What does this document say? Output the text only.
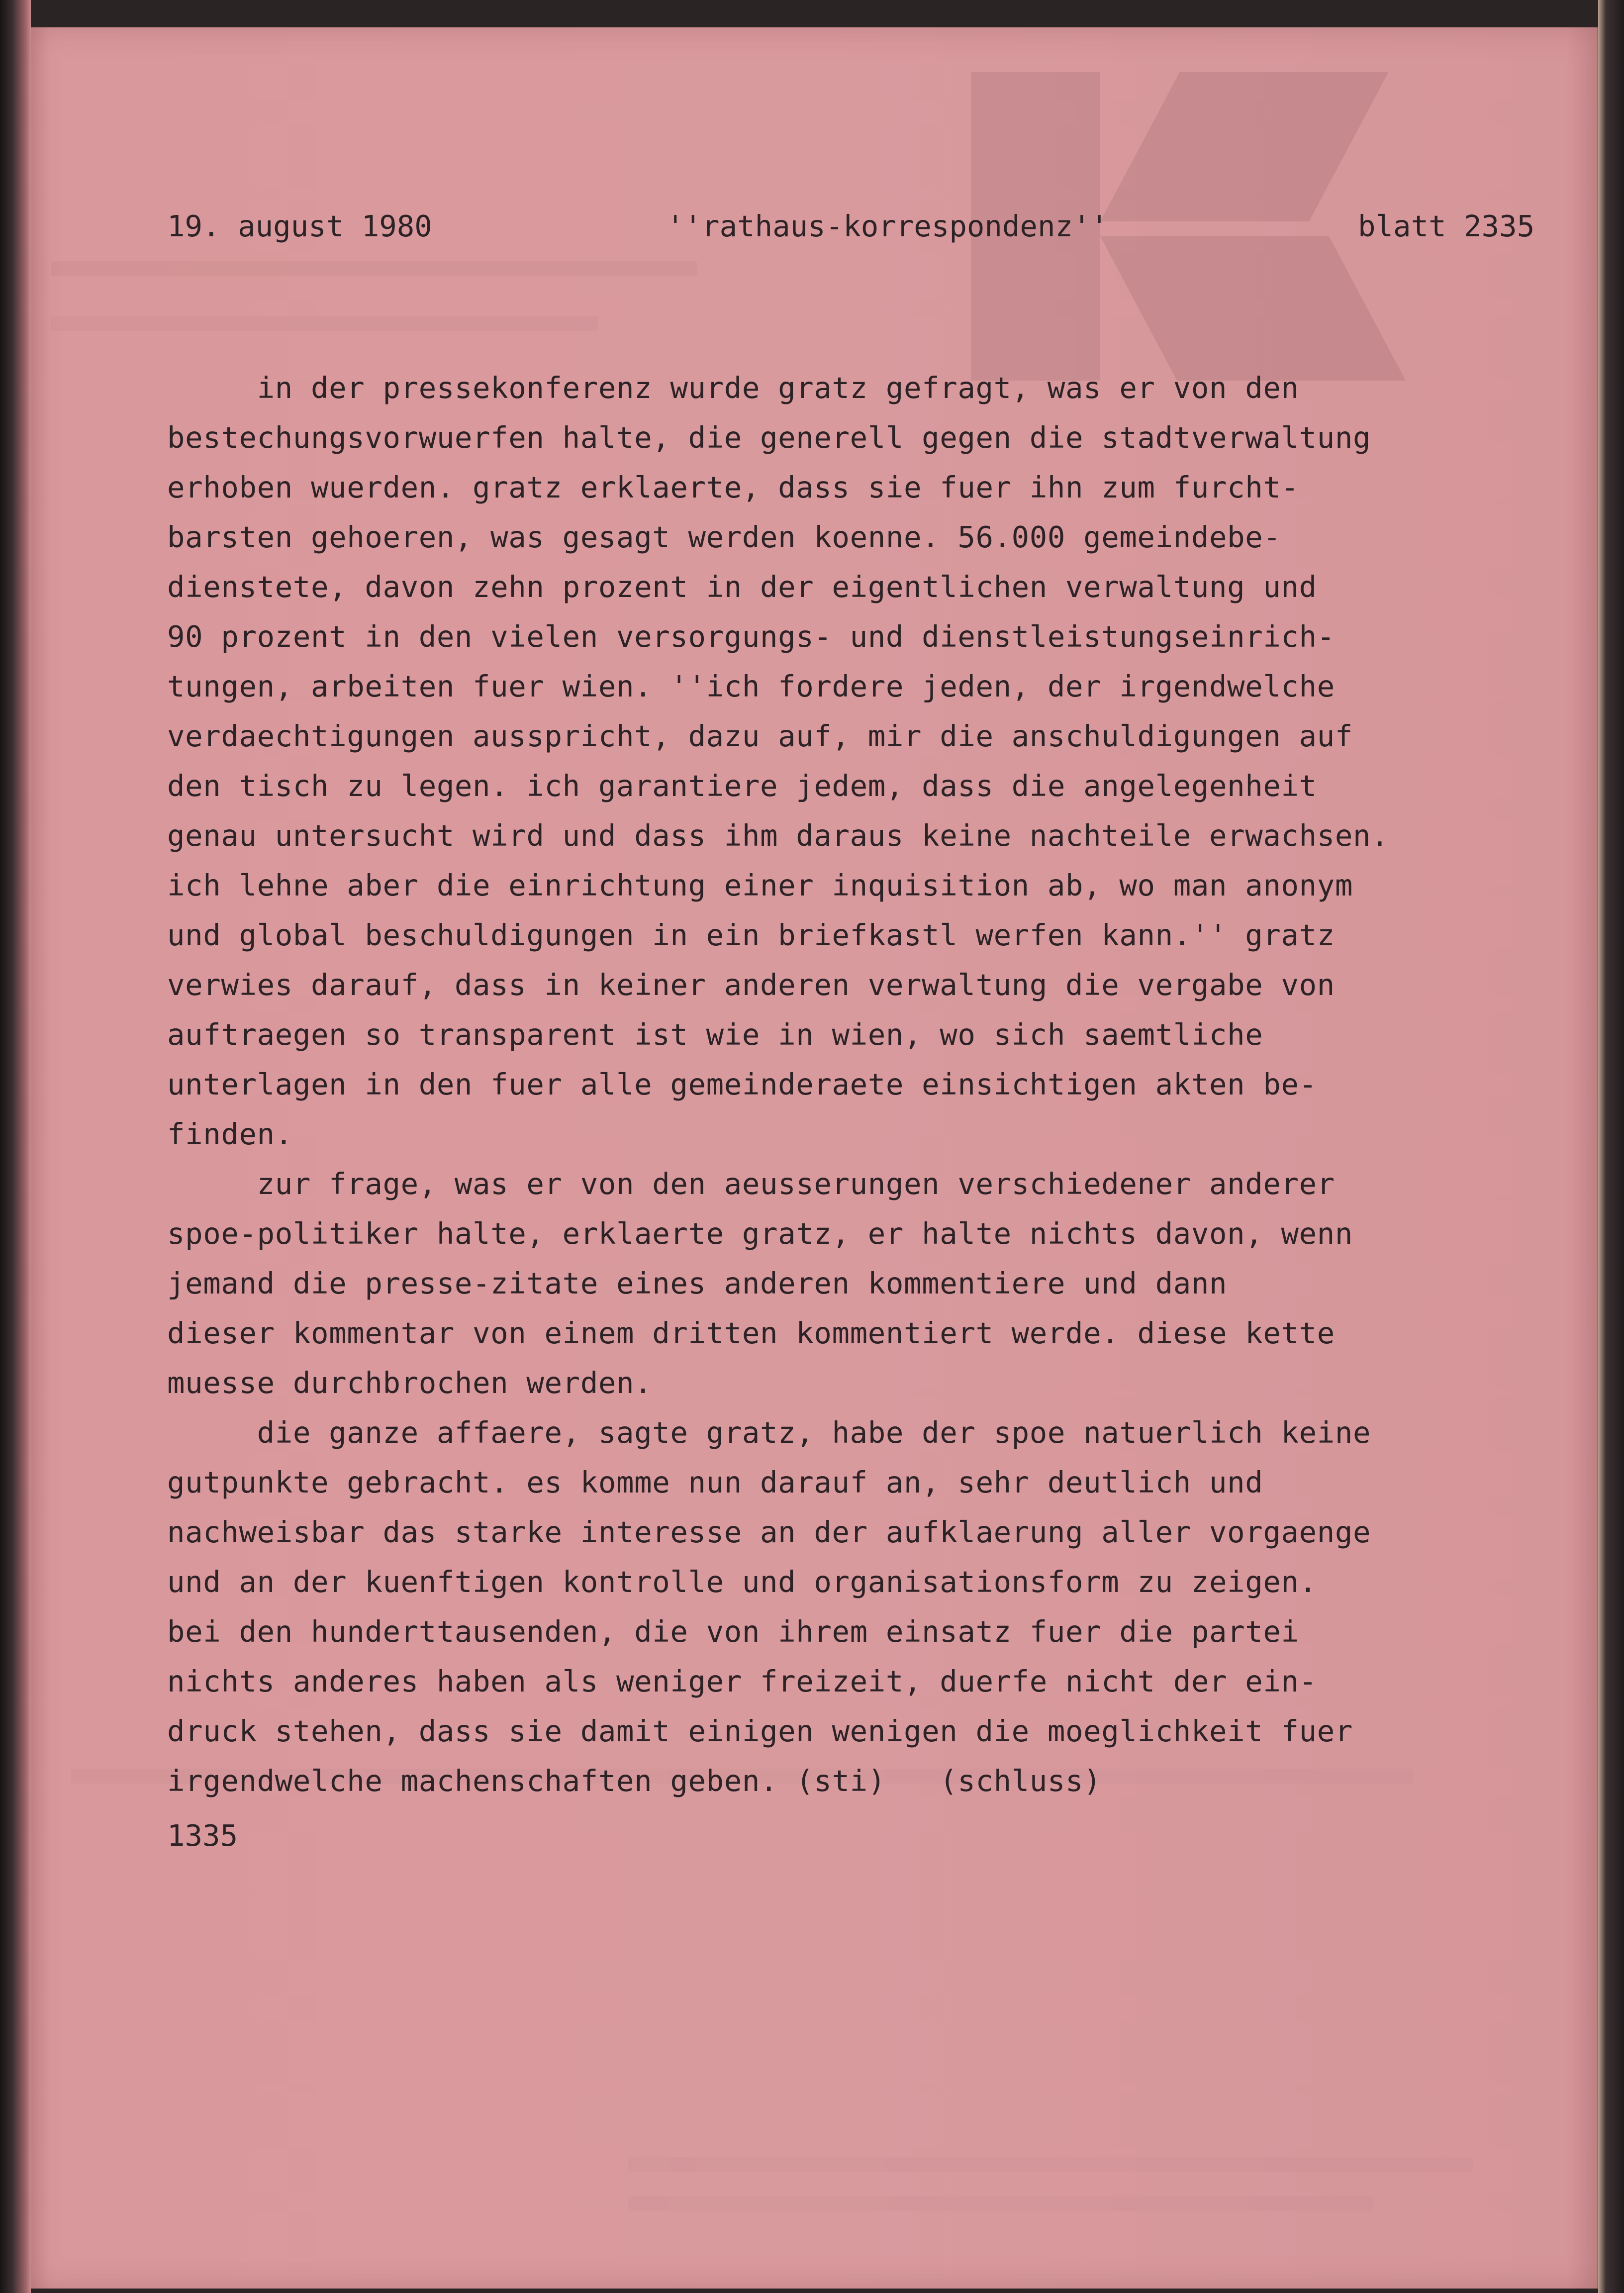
19. august 1980	''rathaus-korrespondenz''	blatt 2335
in der pressekonferenz wurde gratz gefragt, was er von den
bestechungsvorwuerfen halte, die generell gegen die stadtverwaltung
erhoben wuerden. gratz erklaerte, dass sie fuer ihn zum furcht-
barsten gehoeren, was gesagt werden koenne. 56.000 gemeindebe-
dienstete, davon zehn prozent in der eigentlichen verwaltung und
90 prozent in den vielen versorgungs- und dienstleistungseinrich-
tungen, arbeiten fuer wien. ''ich fordere jeden, der irgendwelche
verdaechtigungen ausspricht, dazu auf, mir die anschuldigungen auf
den tisch zu legen. ich garantiere jedem, dass die angelegenheit
genau untersucht wird und dass ihm daraus keine nachteile erwachsen.
ich lehne aber die einrichtung einer inquisition ab, wo man anonym
und global beschuldigungen in ein briefkastl werfen kann.'' gratz
verwies darauf, dass in keiner anderen verwaltung die vergabe von
auftraegen so transparent ist wie in wien, wo sich saemtliche
unterlagen in den fuer alle gemeinderaete einsichtigen akten be-
finden.
zur frage, was er von den aeusserungen verschiedener anderer
spoe-politiker halte, erklaerte gratz, er halte nichts davon, wenn
jemand die presse-zitate eines anderen kommentiere und dann
dieser kommentar von einem dritten kommentiert werde. diese kette
muesse durchbrochen werden.
die ganze affaere, sagte gratz, habe der spoe natuerlich keine
gutpunkte gebracht. es komme nun darauf an, sehr deutlich und
nachweisbar das starke interesse an der aufklaerung aller vorgaenge
und an der kuenftigen kontrolle und organisationsform zu zeigen.
bei den hunderttausenden, die von ihrem einsatz fuer die partei
nichts anderes haben als weniger freizeit, duerfe nicht der ein-
druck stehen, dass sie damit einigen wenigen die moeglichkeit fuer
irgendwelche machenschaften geben. (sti)   (schluss)
1335
